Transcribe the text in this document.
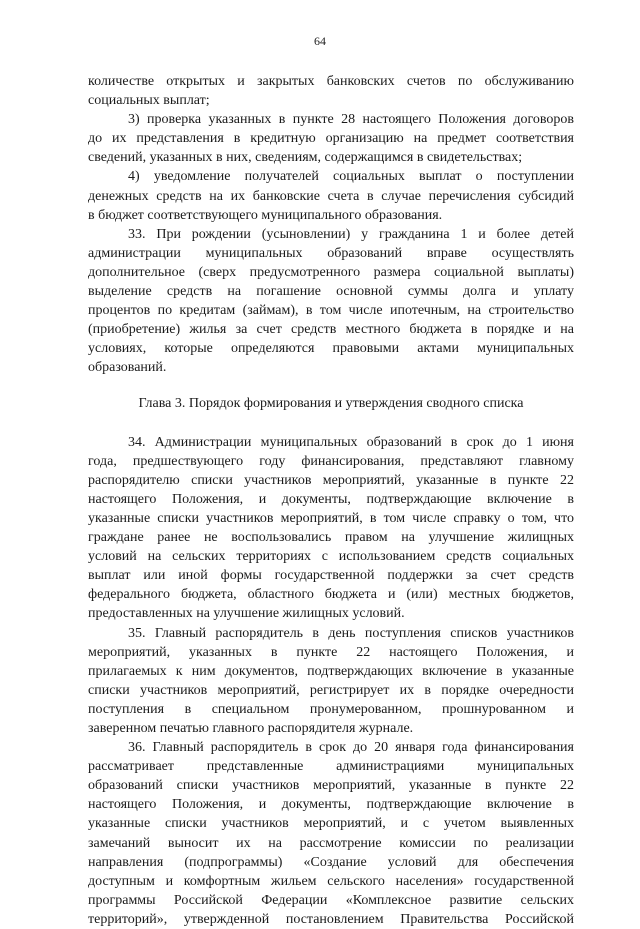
64
количестве открытых и закрытых банковских счетов по обслуживанию
социальных выплат;
3) проверка указанных в пункте 28 настоящего Положения договоров
до их представления в кредитную организацию на предмет соответствия
сведений, указанных в них, сведениям, содержащимся в свидетельствах;
4) уведомление получателей социальных выплат о поступлении
денежных средств на их банковские счета в случае перечисления субсидий
в бюджет соответствующего муниципального образования.
33. При рождении (усыновлении) у гражданина 1 и более детей
администрации муниципальных образований вправе осуществлять
дополнительное (сверх предусмотренного размера социальной выплаты)
выделение средств на погашение основной суммы долга и уплату
процентов по кредитам (займам), в том числе ипотечным, на строительство
(приобретение) жилья за счет средств местного бюджета в порядке и на
условиях, которые определяются правовыми актами муниципальных
образований.
Глава 3. Порядок формирования и утверждения сводного списка
34. Администрации муниципальных образований в срок до 1 июня
года, предшествующего году финансирования, представляют главному
распорядителю списки участников мероприятий, указанные в пункте 22
настоящего Положения, и документы, подтверждающие включение в
указанные списки участников мероприятий, в том числе справку о том, что
граждане ранее не воспользовались правом на улучшение жилищных
условий на сельских территориях с использованием средств социальных
выплат или иной формы государственной поддержки за счет средств
федерального бюджета, областного бюджета и (или) местных бюджетов,
предоставленных на улучшение жилищных условий.
35. Главный распорядитель в день поступления списков участников
мероприятий, указанных в пункте 22 настоящего Положения, и
прилагаемых к ним документов, подтверждающих включение в указанные
списки участников мероприятий, регистрирует их в порядке очередности
поступления в специальном пронумерованном, прошнурованном и
заверенном печатью главного распорядителя журнале.
36. Главный распорядитель в срок до 20 января года финансирования
рассматривает представленные администрациями муниципальных
образований списки участников мероприятий, указанные в пункте 22
настоящего Положения, и документы, подтверждающие включение в
указанные списки участников мероприятий, и с учетом выявленных
замечаний выносит их на рассмотрение комиссии по реализации
направления (подпрограммы) «Создание условий для обеспечения
доступным и комфортным жильем сельского населения» государственной
программы Российской Федерации «Комплексное развитие сельских
территорий», утвержденной постановлением Правительства Российской
